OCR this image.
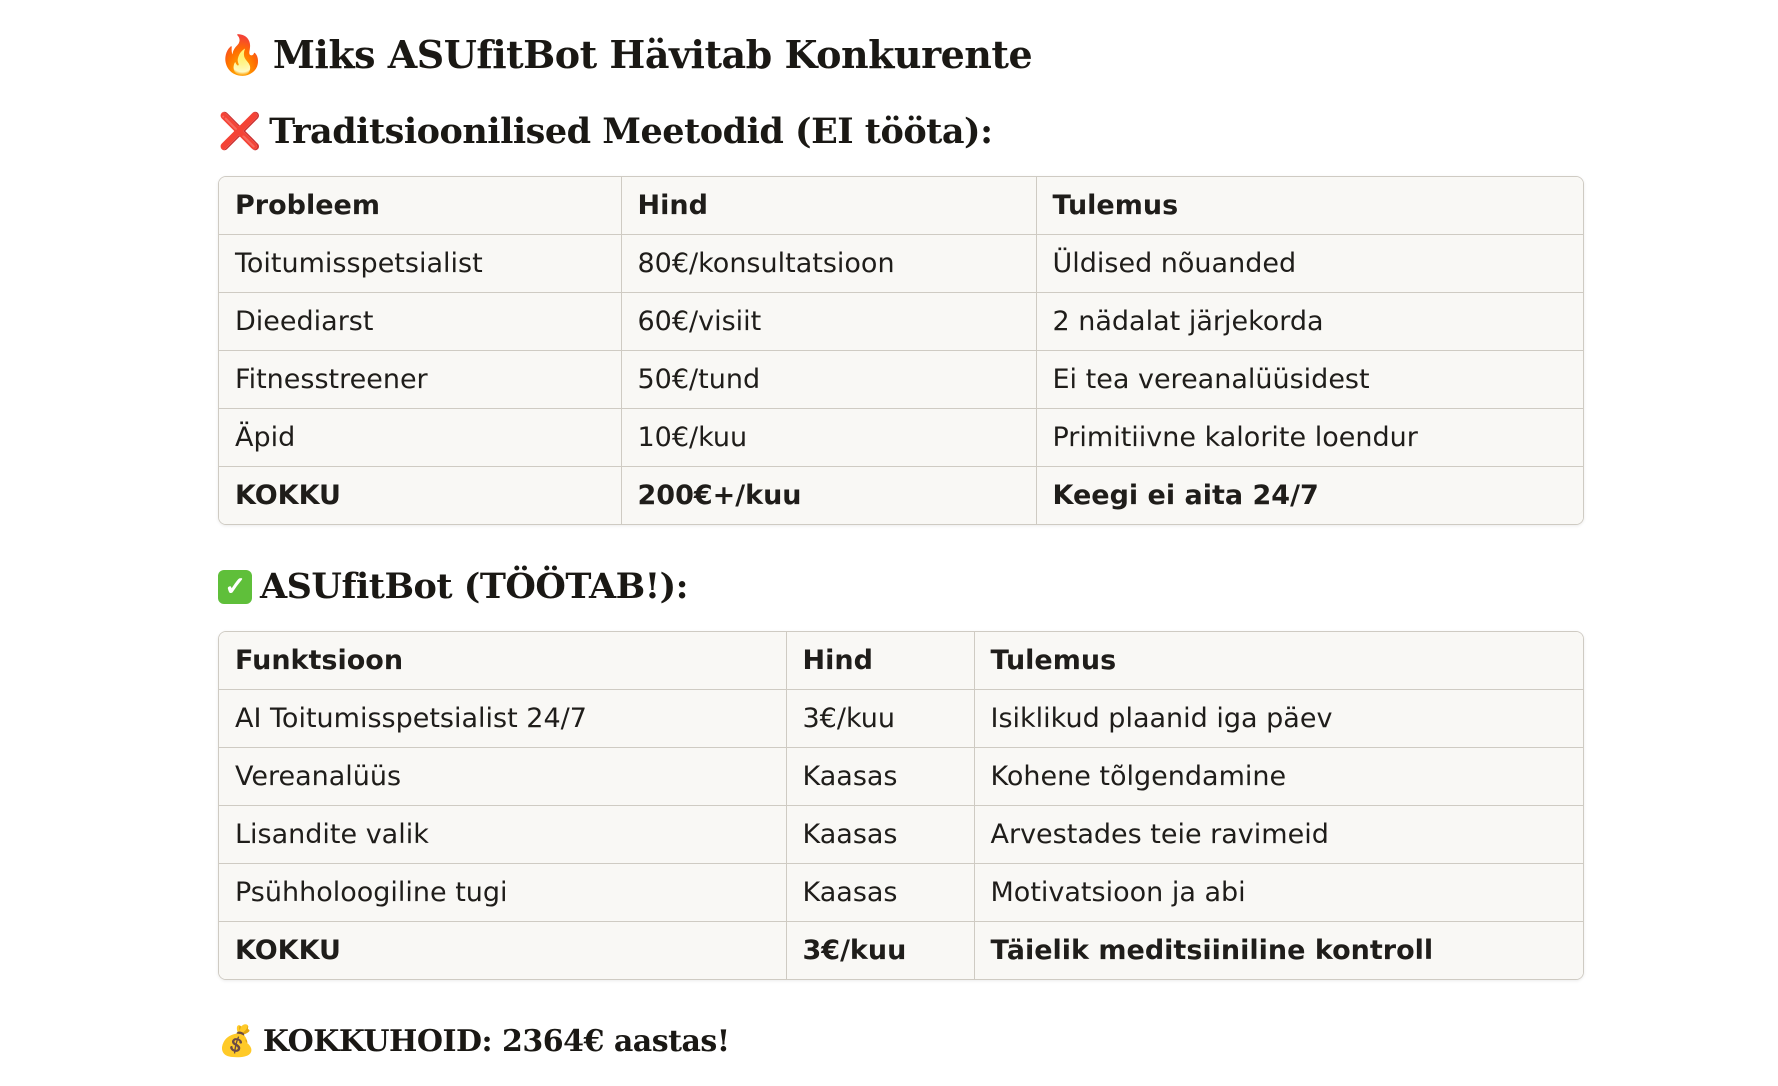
🔥 Miks ASUfitBot Hävitab Konkurente
❌ Traditsioonilised Meetodid (EI tööta):
Probleem	Hind	Tulemus
Toitumisspetsialist	80€/konsultatsioon	Üldised nõuanded
Dieediarst	60€/visiit	2 nädalat järjekorda
Fitnesstreener	50€/tund	Ei tea vereanalüüsidest
Äpid	10€/kuu	Primitiivne kalorite loendur
KOKKU	200€+/kuu	Keegi ei aita 24/7
✓ ASUfitBot (TÖÖTAB!):
Funktsioon	Hind	Tulemus
AI Toitumisspetsialist 24/7	3€/kuu	Isiklikud plaanid iga päev
Vereanalüüs	Kaasas	Kohene tõlgendamine
Lisandite valik	Kaasas	Arvestades teie ravimeid
Psühholoogiline tugi	Kaasas	Motivatsioon ja abi
KOKKU	3€/kuu	Täielik meditsiiniline kontroll
💰 KOKKUHOID: 2364€ aastas!
